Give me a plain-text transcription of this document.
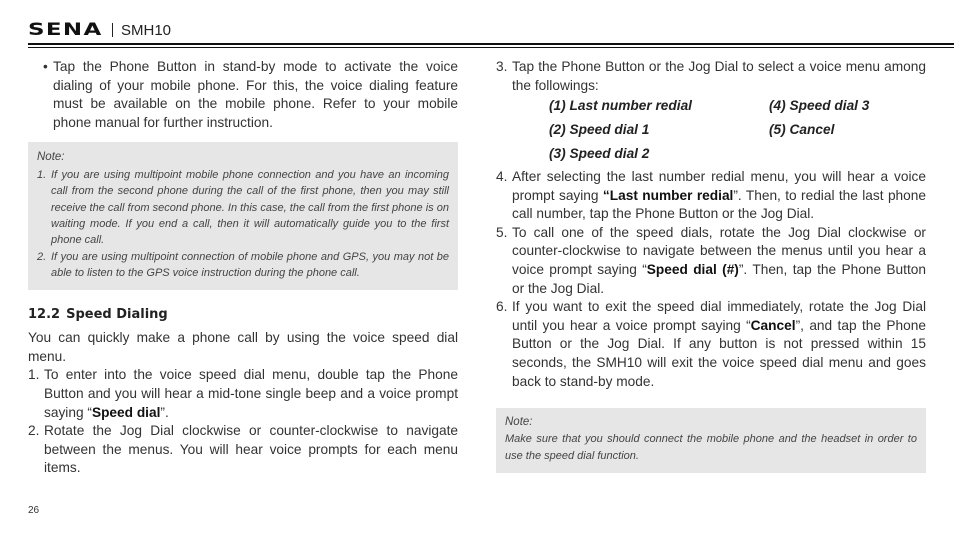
SENA	SMH10
• Tap the Phone Button in stand-by mode to activate the voice dialing of your mobile phone. For this, the voice dialing feature must be available on the mobile phone. Refer to your mobile phone manual for further instruction.
Note:
1. If you are using multipoint mobile phone connection and you have an incoming call from the second phone during the call of the first phone, then you may still receive the call from second phone. In this case, the call from the first phone is on waiting mode. If you end a call, then it will automatically guide you to the first phone call.
2. If you are using multipoint connection of mobile phone and GPS, you may not be able to listen to the GPS voice instruction during the phone call.
12.2 Speed Dialing
You can quickly make a phone call by using the voice speed dial menu.
1. To enter into the voice speed dial menu, double tap the Phone Button and you will hear a mid-tone single beep and a voice prompt saying “Speed dial”.
2. Rotate the Jog Dial clockwise or counter-clockwise to navigate between the menus. You will hear voice prompts for each menu items.
3. Tap the Phone Button or the Jog Dial to select a voice menu among the followings:
(1) Last number redial	(4) Speed dial 3
(2) Speed dial 1	(5) Cancel
(3) Speed dial 2
4. After selecting the last number redial menu, you will hear a voice prompt saying “Last number redial”. Then, to redial the last phone call number, tap the Phone Button or the Jog Dial.
5. To call one of the speed dials, rotate the Jog Dial clockwise or counter-clockwise to navigate between the menus until you hear a voice prompt saying “Speed dial (#)”. Then, tap the Phone Button or the Jog Dial.
6. If you want to exit the speed dial immediately, rotate the Jog Dial until you hear a voice prompt saying “Cancel”, and tap the Phone Button or the Jog Dial. If any button is not pressed within 15 seconds, the SMH10 will exit the voice speed dial menu and goes back to stand-by mode.
Note:
Make sure that you should connect the mobile phone and the headset in order to use the speed dial function.
26
